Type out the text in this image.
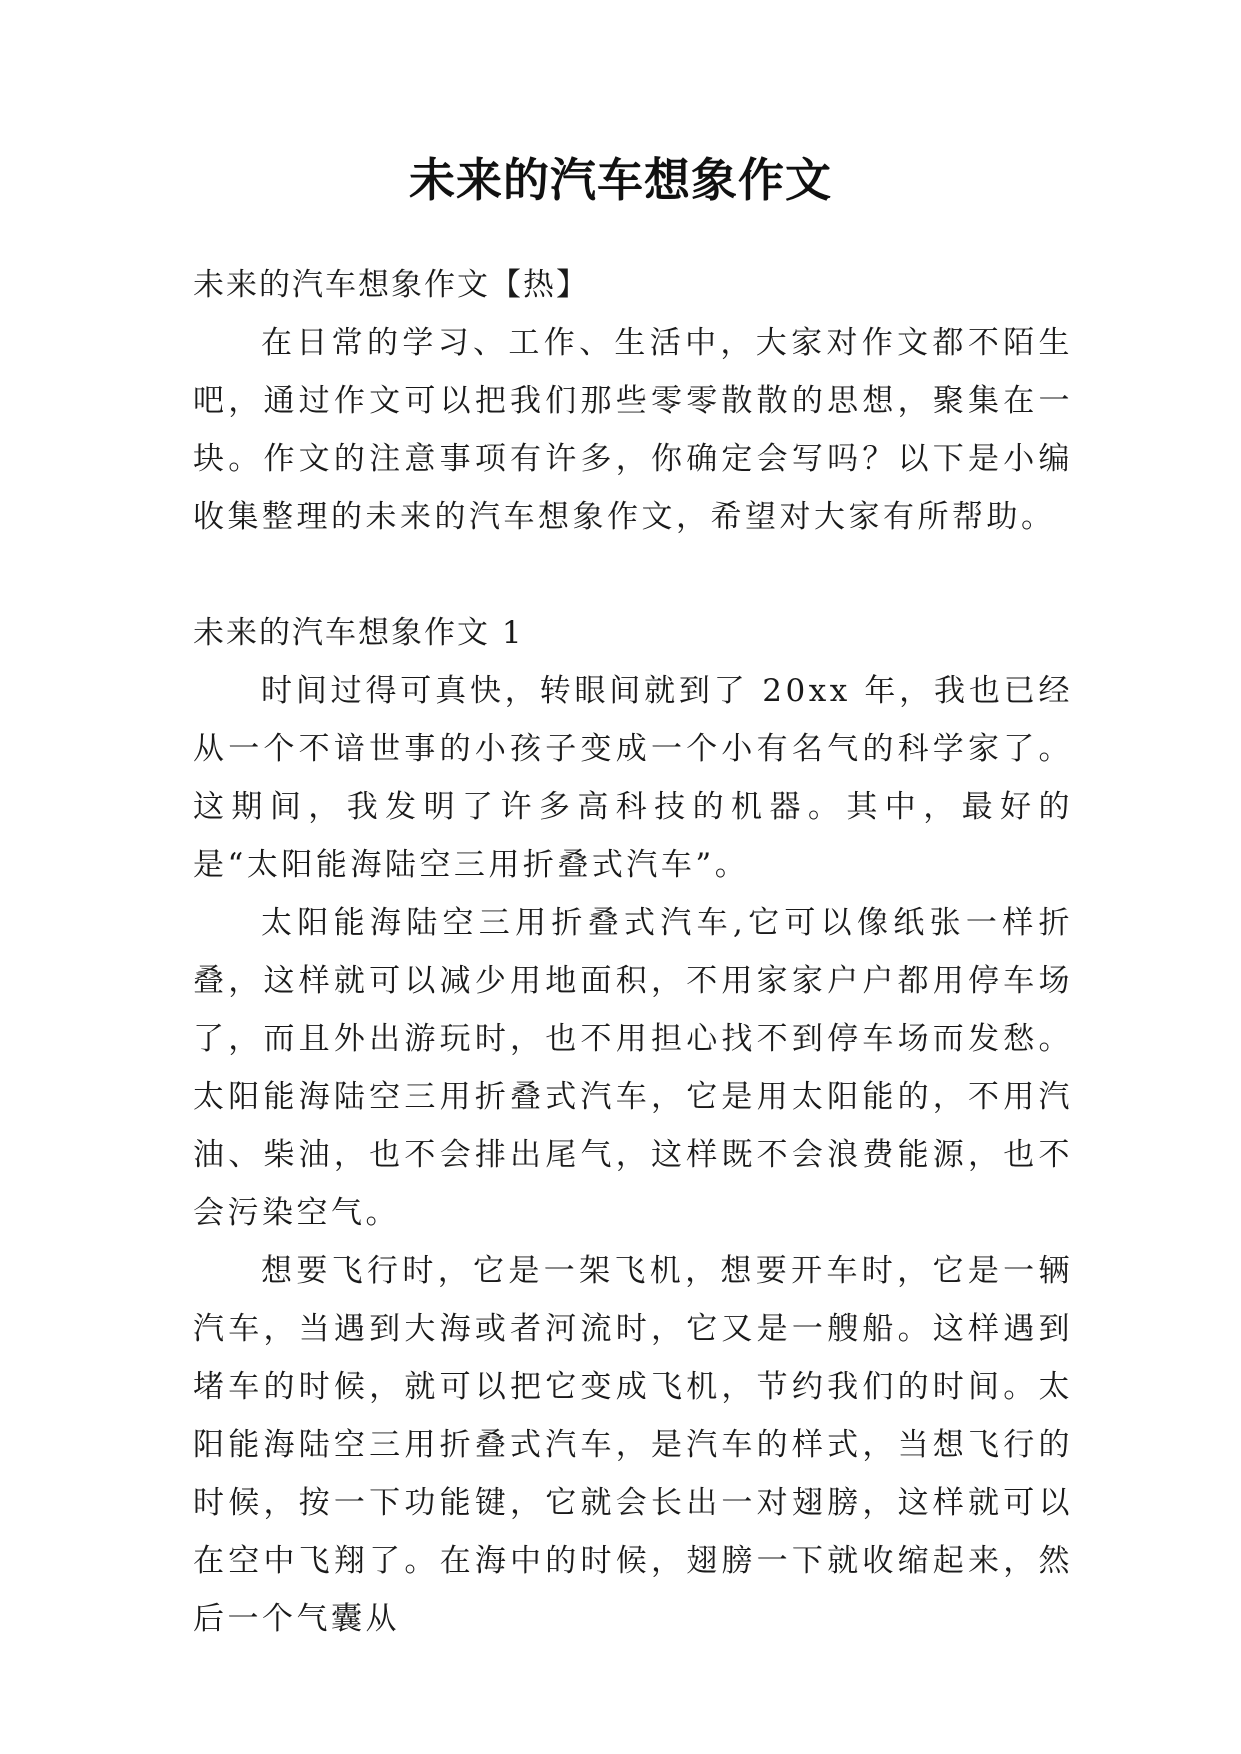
未来的汽车想象作文
未来的汽车想象作文【热】

在日常的学习、工作、生活中，大家对作文都不陌生吧，通过作文可以把我们那些零零散散的思想，聚集在一块。作文的注意事项有许多，你确定会写吗？以下是小编收集整理的未来的汽车想象作文，希望对大家有所帮助。

未来的汽车想象作文 1

时间过得可真快，转眼间就到了 20xx 年，我也已经从一个不谙世事的小孩子变成一个小有名气的科学家了。这期间，我发明了许多高科技的机器。其中，最好的是“太阳能海陆空三用折叠式汽车”。

太阳能海陆空三用折叠式汽车,它可以像纸张一样折叠，这样就可以减少用地面积，不用家家户户都用停车场了，而且外出游玩时，也不用担心找不到停车场而发愁。太阳能海陆空三用折叠式汽车，它是用太阳能的，不用汽油、柴油，也不会排出尾气，这样既不会浪费能源，也不会污染空气。

想要飞行时，它是一架飞机，想要开车时，它是一辆汽车，当遇到大海或者河流时，它又是一艘船。这样遇到堵车的时候，就可以把它变成飞机，节约我们的时间。太阳能海陆空三用折叠式汽车，是汽车的样式，当想飞行的时候，按一下功能键，它就会长出一对翅膀，这样就可以在空中飞翔了。在海中的时候，翅膀一下就收缩起来，然后一个气囊从
